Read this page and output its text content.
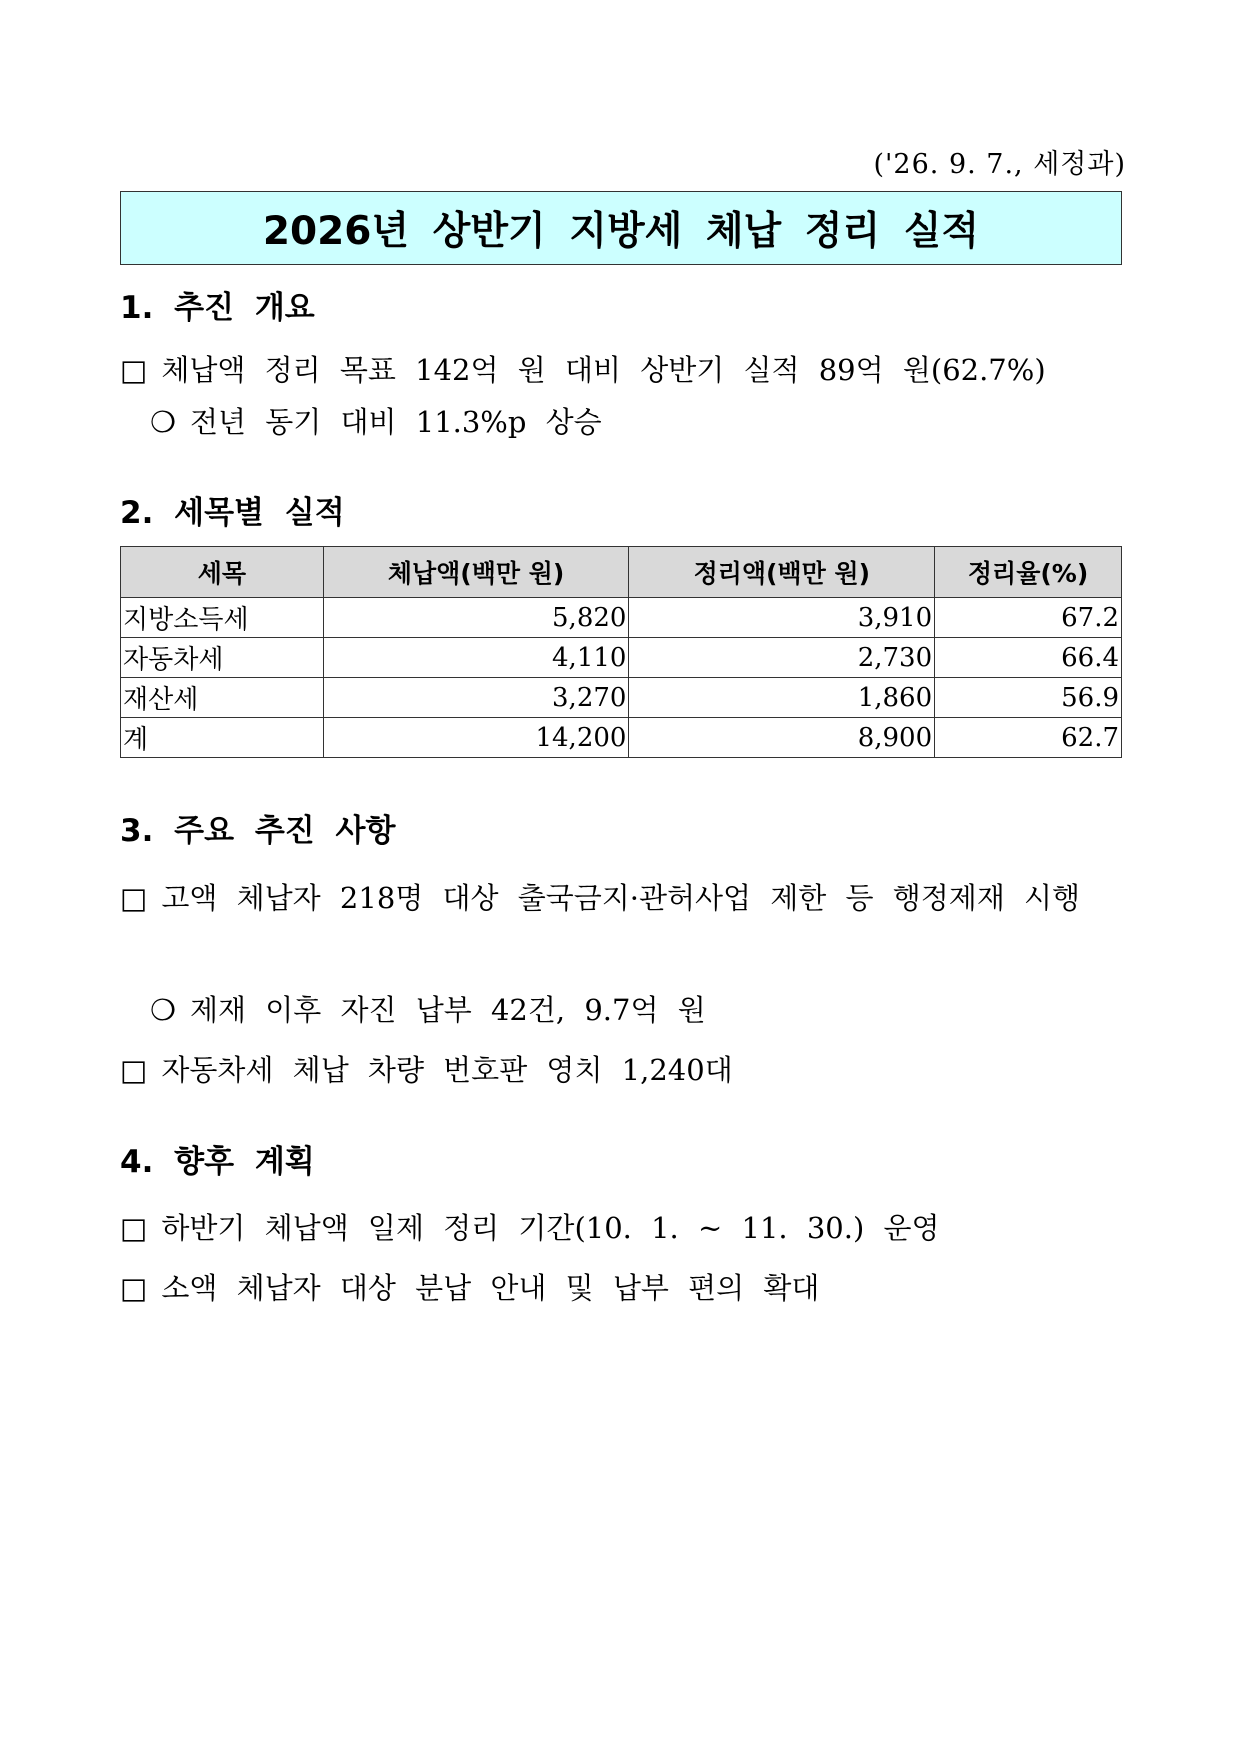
('26. 9. 7., 세정과)
2026년 상반기 지방세 체납 정리 실적
1. 추진 개요
□ 체납액 정리 목표 142억 원 대비 상반기 실적 89억 원(62.7%)
❍ 전년 동기 대비 11.3%p 상승
2. 세목별 실적
세목	체납액(백만 원)	정리액(백만 원)	정리율(%)
지방소득세	5,820	3,910	67.2
자동차세	4,110	2,730	66.4
재산세	3,270	1,860	56.9
계	14,200	8,900	62.7
3. 주요 추진 사항
□ 고액 체납자 218명 대상 출국금지·관허사업 제한 등 행정제재 시행
❍ 제재 이후 자진 납부 42건, 9.7억 원
□ 자동차세 체납 차량 번호판 영치 1,240대
4. 향후 계획
□ 하반기 체납액 일제 정리 기간(10. 1. ~ 11. 30.) 운영
□ 소액 체납자 대상 분납 안내 및 납부 편의 확대
